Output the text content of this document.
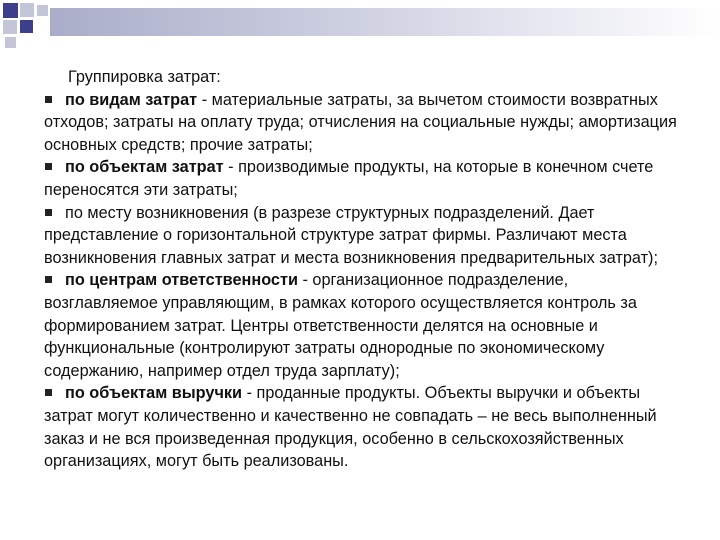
Группировка затрат:
по видам затрат - материальные затраты, за вычетом стоимости возвратных отходов; затраты на оплату труда; отчисления на социальные нужды; амортизация основных средств; прочие затраты;
по объектам затрат - производимые продукты, на которые в конечном счете переносятся эти затраты;
по месту возникновения (в разрезе структурных подразделений. Дает представление о горизонтальной структуре затрат фирмы. Различают места возникновения главных затрат и места возникновения предварительных затрат);
по центрам ответственности - организационное подразделение, возглавляемое управляющим, в рамках которого осуществляется контроль за формированием затрат. Центры ответственности делятся на основные и функциональные (контролируют затраты однородные по экономическому содержанию, например отдел труда зарплату);
по объектам выручки - проданные продукты. Объекты выручки и объекты затрат могут количественно и качественно не совпадать – не весь выполненный заказ и не вся произведенная продукция, особенно в сельскохозяйственных организациях, могут быть реализованы.
